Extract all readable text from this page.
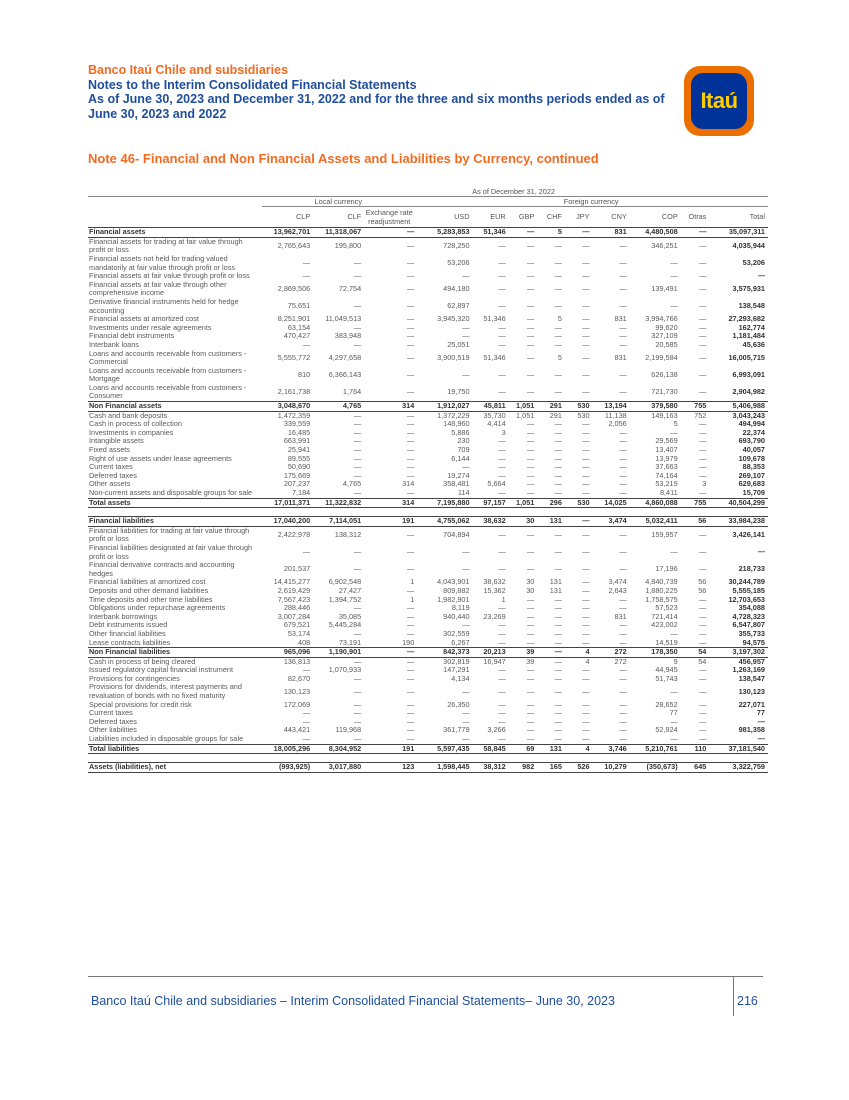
Banco Itaú Chile and subsidiaries
Notes to the Interim Consolidated Financial Statements
As of June 30, 2023 and December 31, 2022 and for the three and six months periods ended as of June 30, 2023 and 2022
Itaú
Note 46- Financial and Non Financial Assets and Liabilities by Currency, continued
	As of December 31, 2022											
	Local currency			Foreign currency								
	CLP	CLF	Exchange rate readjustment	USD	EUR	GBP	CHF	JPY	CNY	COP	Otras	Total
Financial assets	13,962,701	11,318,067	—	5,283,853	51,346	—	5	—	831	4,480,508	—	35,097,311
Financial assets for trading at fair value through profit or loss	2,765,643	195,800	—	728,250	—	—	—	—	—	346,251	—	4,035,944
Financial assets not held for trading valued mandatorily at fair value through profit or loss	—	—	—	53,206	—	—	—	—	—	—	—	53,206
Financial assets at fair value through profit or loss	—	—	—	—	—	—	—	—	—	—	—	—
Financial assets at fair value through other comprehensive income	2,869,506	72,754	—	494,180	—	—	—	—	—	139,491	—	3,575,931
Derivative financial instruments held for hedge accounting	75,651	—	—	62,897	—	—	—	—	—	—	—	138,548
Financial assets at amortized cost	8,251,901	11,049,513	—	3,945,320	51,346	—	5	—	831	3,994,766	—	27,293,682
Investments under resale agreements	63,154	—	—	—	—	—	—	—	—	99,620	—	162,774
Financial debt instruments	470,427	383,948	—	—	—	—	—	—	—	327,109	—	1,181,484
Interbank loans	—	—	—	25,051	—	—	—	—	—	20,585	—	45,636
Loans and accounts receivable from customers - Commercial	5,555,772	4,297,658	—	3,900,519	51,346	—	5	—	831	2,199,584	—	16,005,715
Loans and accounts receivable from customers - Mortgage	810	6,366,143	—	—	—	—	—	—	—	626,138	—	6,993,091
Loans and accounts receivable from customers - Consumer	2,161,738	1,764	—	19,750	—	—	—	—	—	721,730	—	2,904,982
Non Financial assets	3,048,670	4,765	314	1,912,027	45,811	1,051	291	530	13,194	379,580	755	5,406,988
Cash and bank deposits	1,472,359	—	—	1,372,229	35,730	1,051	291	530	11,138	149,163	752	3,043,243
Cash in process of collection	339,559	—	—	148,960	4,414	—	—	—	2,056	5	—	494,994
Investments in companies	16,485	—	—	5,886	3	—	—	—	—	—	—	22,374
Intangible assets	663,991	—	—	230	—	—	—	—	—	29,569	—	693,790
Fixed assets	25,941	—	—	709	—	—	—	—	—	13,407	—	40,057
Right of use assets under lease agreements	89,555	—	—	6,144	—	—	—	—	—	13,979	—	109,678
Current taxes	50,690	—	—	—	—	—	—	—	—	37,663	—	88,353
Deferred taxes	175,669	—	—	19,274	—	—	—	—	—	74,164	—	269,107
Other assets	207,237	4,765	314	358,481	5,664	—	—	—	—	53,219	3	629,683
Non-current assets and disposable groups for sale	7,184	—	—	114	—	—	—	—	—	8,411	—	15,709
Total assets	17,011,371	11,322,832	314	7,195,880	97,157	1,051	296	530	14,025	4,860,088	755	40,504,299

Financial liabilities	17,040,200	7,114,051	191	4,755,062	38,632	30	131	—	3,474	5,032,411	56	33,984,238
Financial liabilities for trading at fair value through profit or loss	2,422,978	138,312	—	704,894	—	—	—	—	—	159,957	—	3,426,141
Financial liabilities designated at fair value through profit or loss	—	—	—	—	—	—	—	—	—	—	—	—
Financial derivative contracts and accounting hedges	201,537	—	—	—	—	—	—	—	—	17,196	—	218,733
Financial liabilities at amortized cost	14,415,277	6,902,548	1	4,043,901	38,632	30	131	—	3,474	4,840,739	56	30,244,789
Deposits and other demand liabilities	2,619,429	27,427	—	809,882	15,362	30	131	—	2,643	1,880,225	56	5,555,185
Time deposits and other time liabilities	7,567,423	1,394,752	1	1,982,901	1	—	—	—	—	1,758,575	—	12,703,653
Obligations under repurchase agreements	288,446	—	—	8,119	—	—	—	—	—	57,523	—	354,088
Interbank borrowings	3,007,284	35,085	—	940,440	23,269	—	—	—	831	721,414	—	4,728,323
Debt instruments issued	679,521	5,445,284	—	—	—	—	—	—	—	423,002	—	6,547,807
Other financial liabilities	53,174	—	—	302,559	—	—	—	—	—	—	—	355,733
Lease contracts liabilities	408	73,191	190	6,267	—	—	—	—	—	14,519	—	94,575
Non Financial liabilities	965,096	1,190,901	—	842,373	20,213	39	—	4	272	178,350	54	3,197,302
Cash in process of being cleared	136,813	—	—	302,819	16,947	39	—	4	272	9	54	456,957
Issued regulatory capital financial instrument	—	1,070,933	—	147,291	—	—	—	—	—	44,945	—	1,263,169
Provisions for contingencies	82,670	—	—	4,134	—	—	—	—	—	51,743	—	138,547
Provisions for dividends, interest payments and revaluation of bonds with no fixed maturity	130,123	—	—	—	—	—	—	—	—	—	—	130,123
Special provisions for credit risk	172,069	—	—	26,350	—	—	—	—	—	28,652	—	227,071
Current taxes	—	—	—	—	—	—	—	—	—	77	—	77
Deferred taxes	—	—	—	—	—	—	—	—	—	—	—	—
Other liabilities	443,421	119,968	—	361,779	3,266	—	—	—	—	52,924	—	981,358
Liabilities included in disposable groups for sale	—	—	—	—	—	—	—	—	—	—	—	—
Total liabilities	18,005,296	8,304,952	191	5,597,435	58,845	69	131	4	3,746	5,210,761	110	37,181,540

Assets (liabilities), net	(993,925)	3,017,880	123	1,598,445	38,312	982	165	526	10,279	(350,673)	645	3,322,759
Banco Itaú Chile and subsidiaries – Interim Consolidated Financial Statements– June 30, 2023	216
